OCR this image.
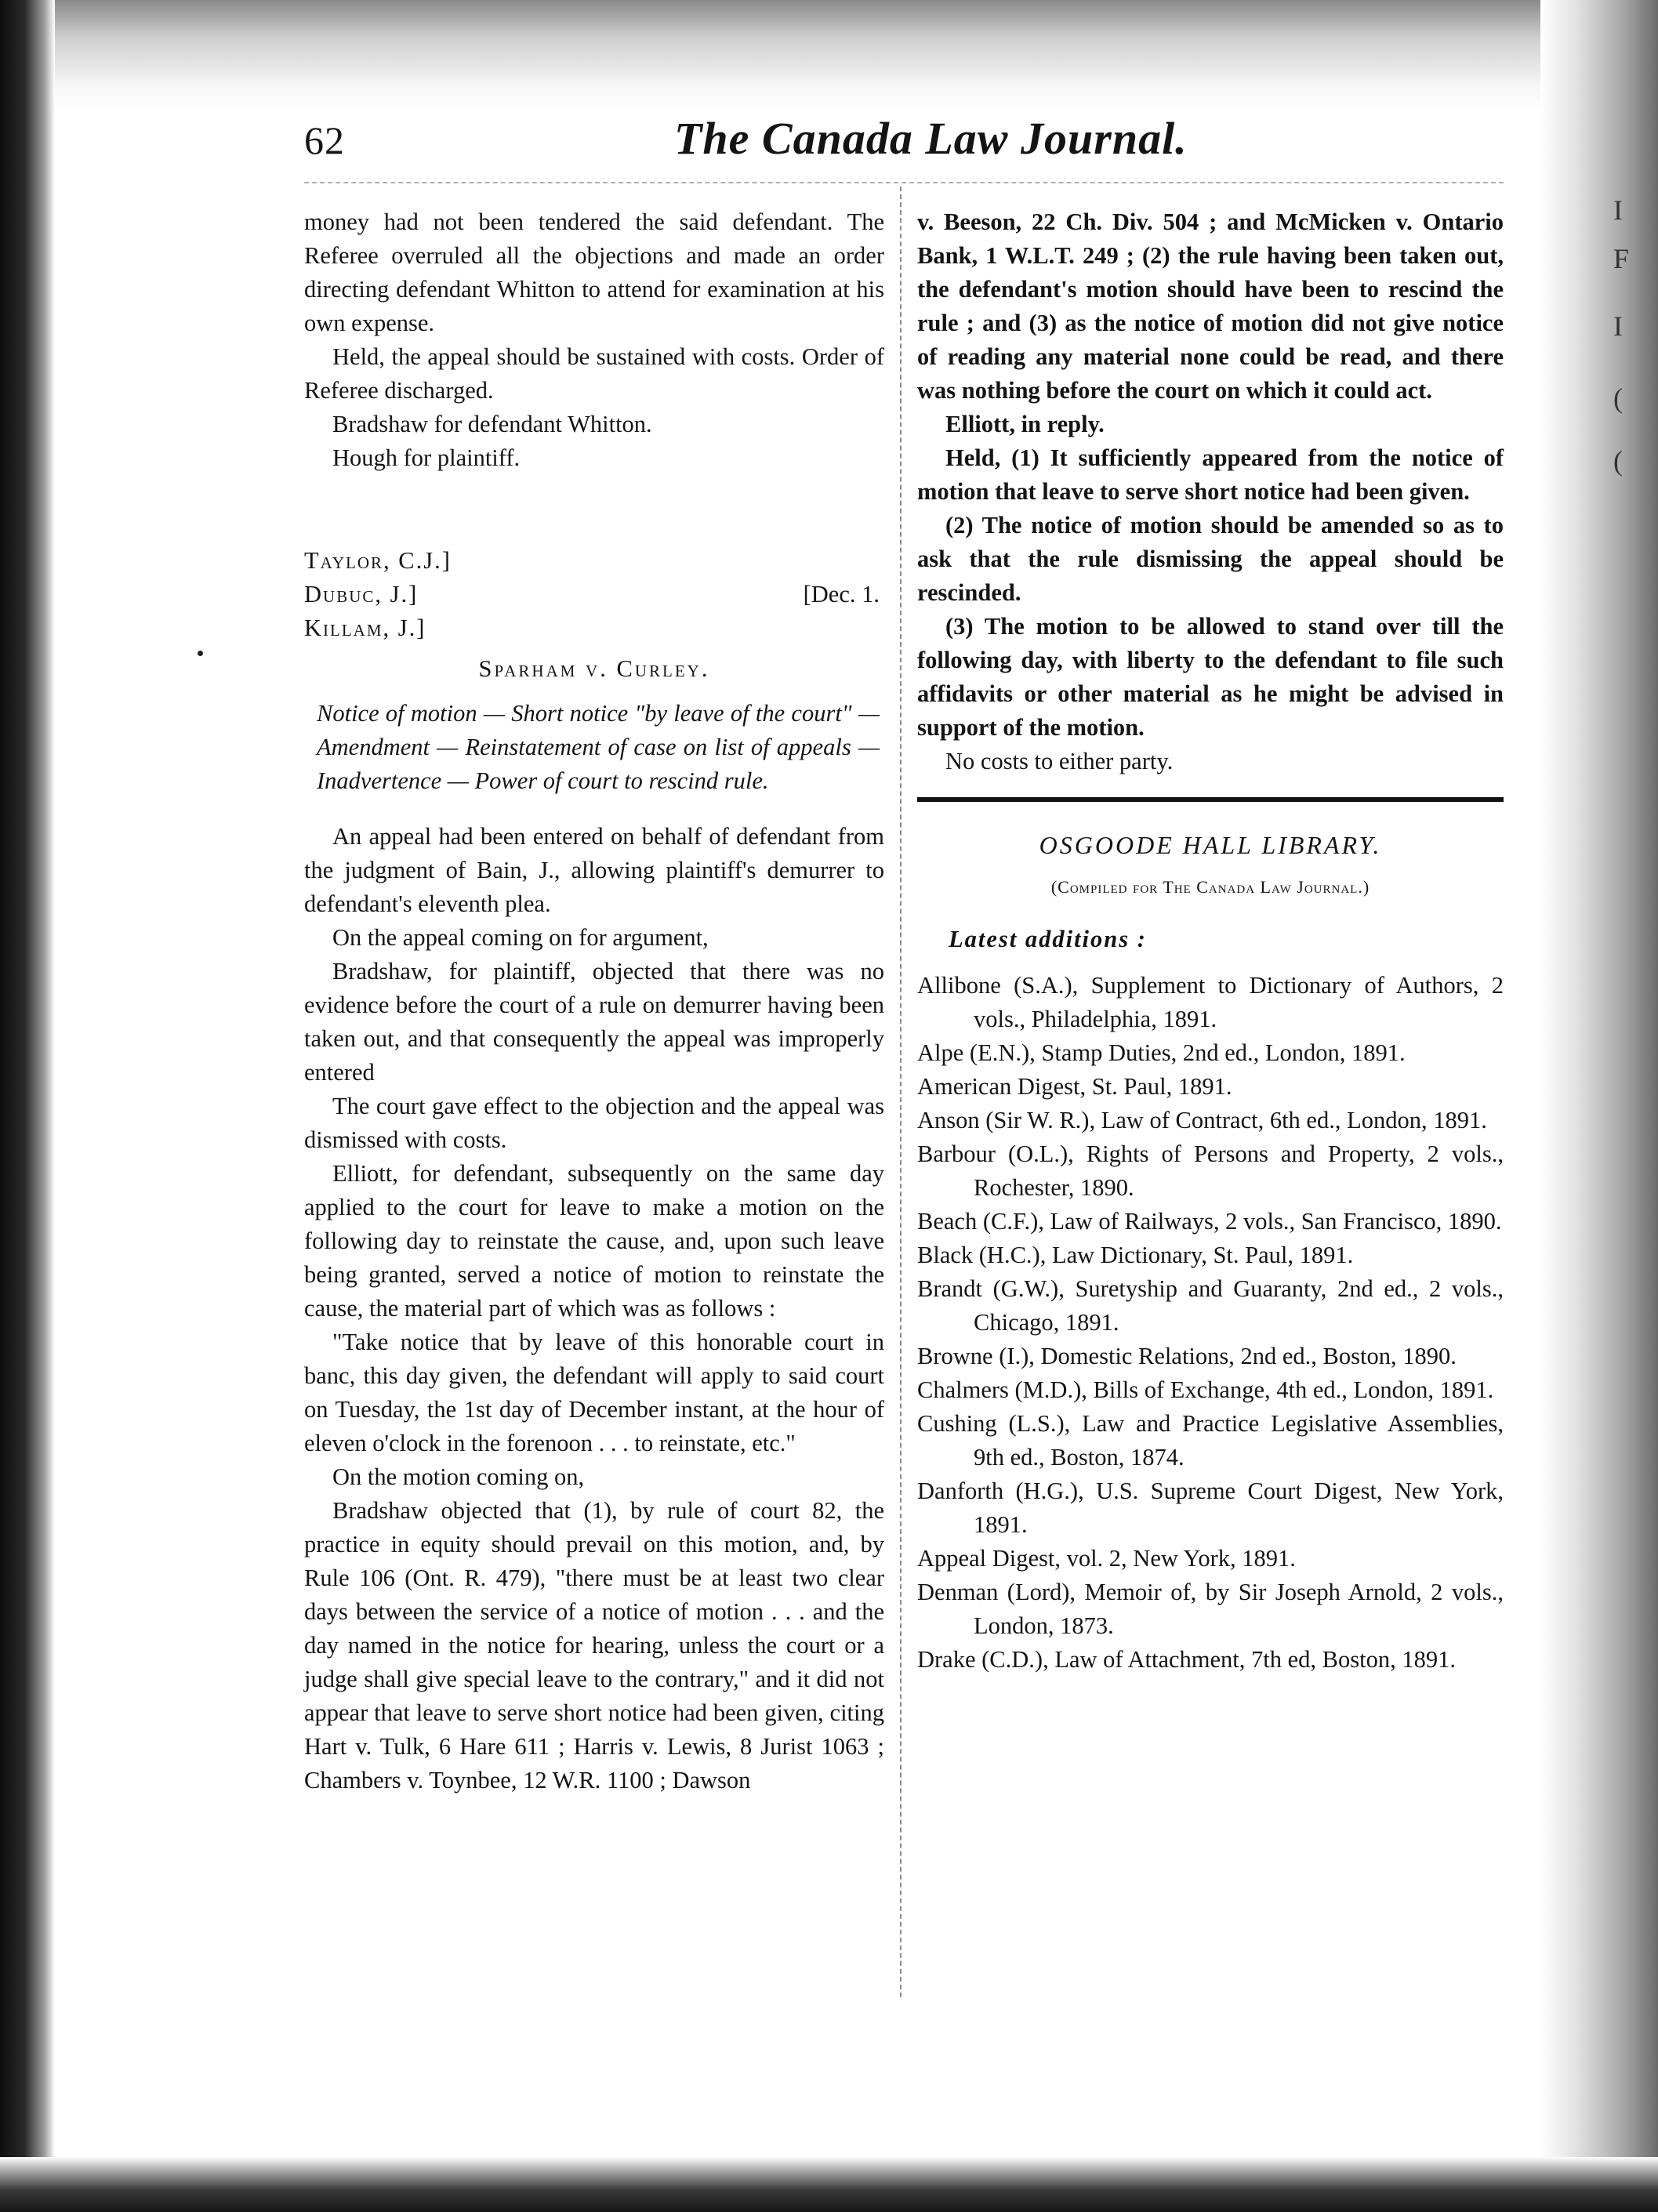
I
F
I
(
(
62	The Canada Law Journal.

money had not been tendered the said defendant. The Referee overruled all the objections and made an order directing defendant Whitton to attend for examination at his own expense.

Held, the appeal should be sustained with costs. Order of Referee discharged.

Bradshaw for defendant Whitton.

Hough for plaintiff.

Taylor, C.J.]
Dubuc, J.]
Killam, J.]
[Dec. 1.
Sparham v. Curley.
Notice of motion — Short notice "by leave of the court" — Amendment — Reinstatement of case on list of appeals — Inadvertence — Power of court to rescind rule.

An appeal had been entered on behalf of defendant from the judgment of Bain, J., allowing plaintiff's demurrer to defendant's eleventh plea.

On the appeal coming on for argument,

Bradshaw, for plaintiff, objected that there was no evidence before the court of a rule on demurrer having been taken out, and that consequently the appeal was improperly entered

The court gave effect to the objection and the appeal was dismissed with costs.

Elliott, for defendant, subsequently on the same day applied to the court for leave to make a motion on the following day to reinstate the cause, and, upon such leave being granted, served a notice of motion to reinstate the cause, the material part of which was as follows :

"Take notice that by leave of this honorable court in banc, this day given, the defendant will apply to said court on Tuesday, the 1st day of December instant, at the hour of eleven o'clock in the forenoon . . . to reinstate, etc."

On the motion coming on,

Bradshaw objected that (1), by rule of court 82, the practice in equity should prevail on this motion, and, by Rule 106 (Ont. R. 479), "there must be at least two clear days between the service of a notice of motion . . . and the day named in the notice for hearing, unless the court or a judge shall give special leave to the contrary," and it did not appear that leave to serve short notice had been given, citing Hart v. Tulk, 6 Hare 611 ; Harris v. Lewis, 8 Jurist 1063 ; Chambers v. Toynbee, 12 W.R. 1100 ; Dawson

v. Beeson, 22 Ch. Div. 504 ; and McMicken v. Ontario Bank, 1 W.L.T. 249 ; (2) the rule having been taken out, the defendant's motion should have been to rescind the rule ; and (3) as the notice of motion did not give notice of reading any material none could be read, and there was nothing before the court on which it could act.

Elliott, in reply.

Held, (1) It sufficiently appeared from the notice of motion that leave to serve short notice had been given.

(2) The notice of motion should be amended so as to ask that the rule dismissing the appeal should be rescinded.

(3) The motion to be allowed to stand over till the following day, with liberty to the defendant to file such affidavits or other material as he might be advised in support of the motion.

No costs to either party.

OSGOODE HALL LIBRARY.
(Compiled for The Canada Law Journal.)
Latest additions :

Allibone (S.A.), Supplement to Dictionary of Authors, 2 vols., Philadelphia, 1891.

Alpe (E.N.), Stamp Duties, 2nd ed., London, 1891.

American Digest, St. Paul, 1891.

Anson (Sir W. R.), Law of Contract, 6th ed., London, 1891.

Barbour (O.L.), Rights of Persons and Property, 2 vols., Rochester, 1890.

Beach (C.F.), Law of Railways, 2 vols., San Francisco, 1890.

Black (H.C.), Law Dictionary, St. Paul, 1891.

Brandt (G.W.), Suretyship and Guaranty, 2nd ed., 2 vols., Chicago, 1891.

Browne (I.), Domestic Relations, 2nd ed., Boston, 1890.

Chalmers (M.D.), Bills of Exchange, 4th ed., London, 1891.

Cushing (L.S.), Law and Practice Legislative Assemblies, 9th ed., Boston, 1874.

Danforth (H.G.), U.S. Supreme Court Digest, New York, 1891.

Appeal Digest, vol. 2, New York, 1891.

Denman (Lord), Memoir of, by Sir Joseph Arnold, 2 vols., London, 1873.

Drake (C.D.), Law of Attachment, 7th ed, Boston, 1891.
